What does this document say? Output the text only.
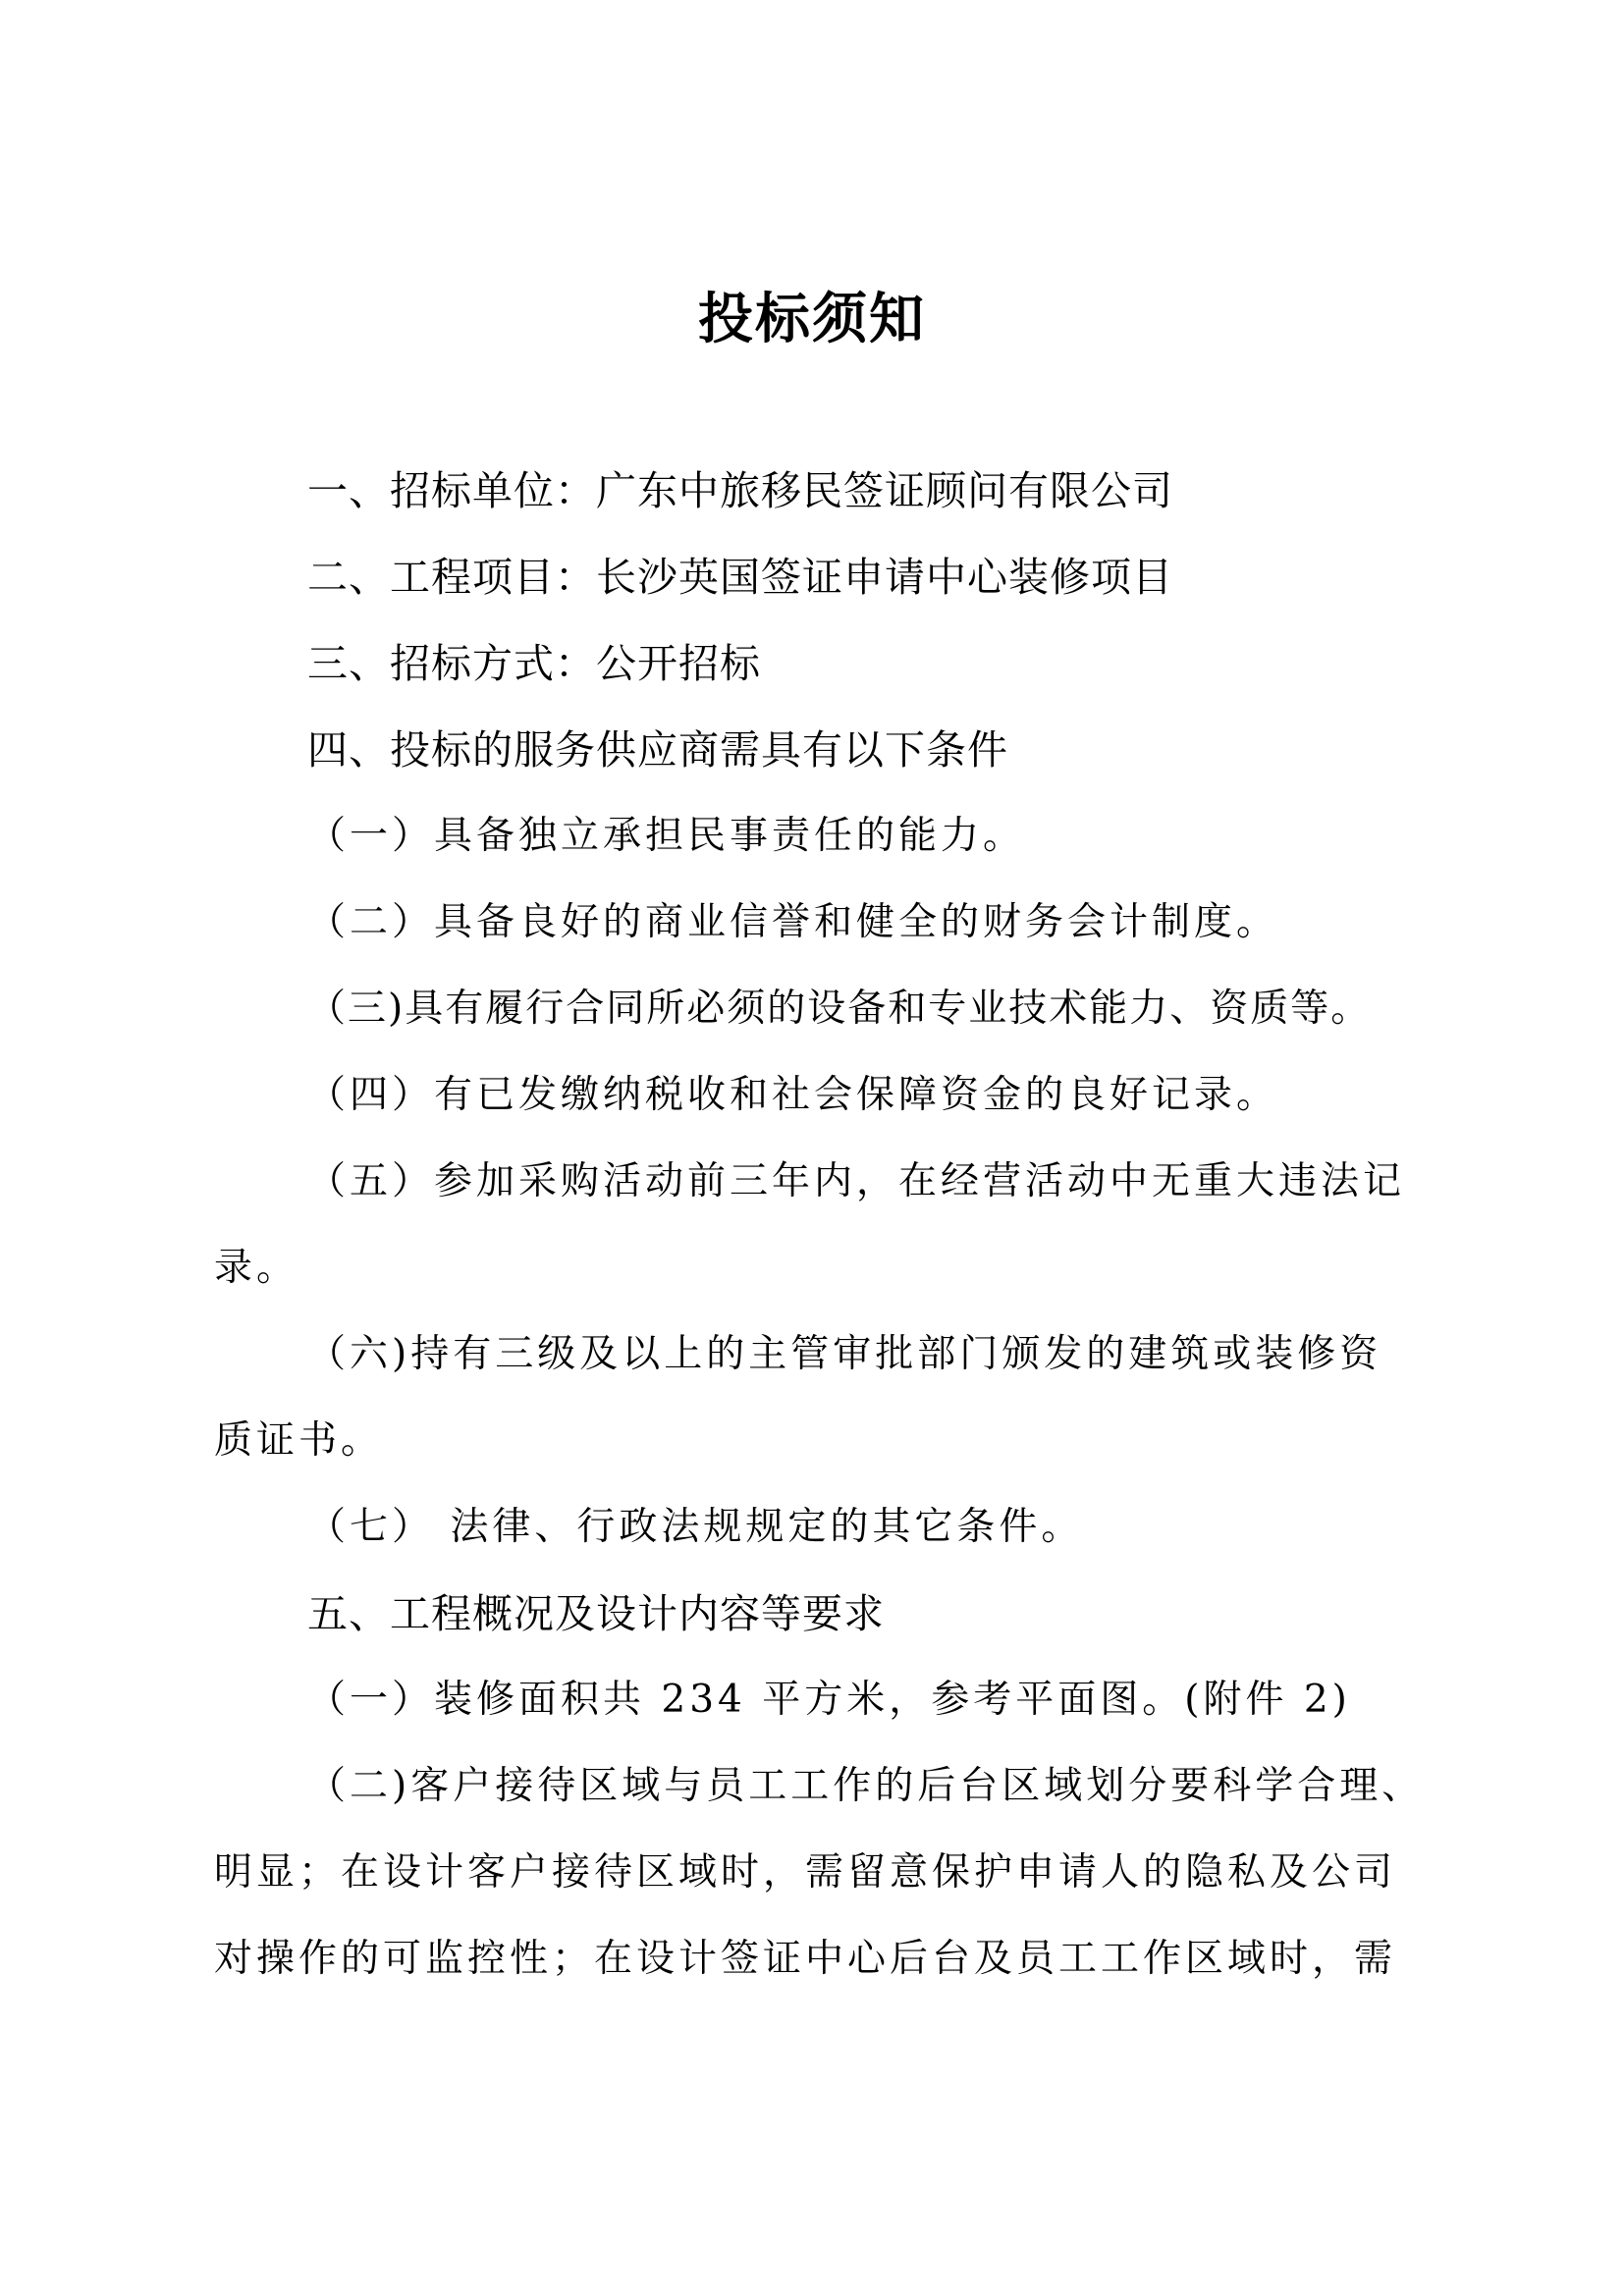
投标须知
一、招标单位：广东中旅移民签证顾问有限公司
二、工程项目：长沙英国签证申请中心装修项目
三、招标方式：公开招标
四、投标的服务供应商需具有以下条件
（一）具备独立承担民事责任的能力。
（二）具备良好的商业信誉和健全的财务会计制度。
（三)具有履行合同所必须的设备和专业技术能力、资质等。
（四）有已发缴纳税收和社会保障资金的良好记录。
（五）参加采购活动前三年内，在经营活动中无重大违法记
录。
（六)持有三级及以上的主管审批部门颁发的建筑或装修资
质证书。
（七） 法律、行政法规规定的其它条件。
五、工程概况及设计内容等要求
（一）装修面积共 234 平方米，参考平面图。(附件 2)
（二)客户接待区域与员工工作的后台区域划分要科学合理、
明显；在设计客户接待区域时，需留意保护申请人的隐私及公司
对操作的可监控性；在设计签证中心后台及员工工作区域时，需
